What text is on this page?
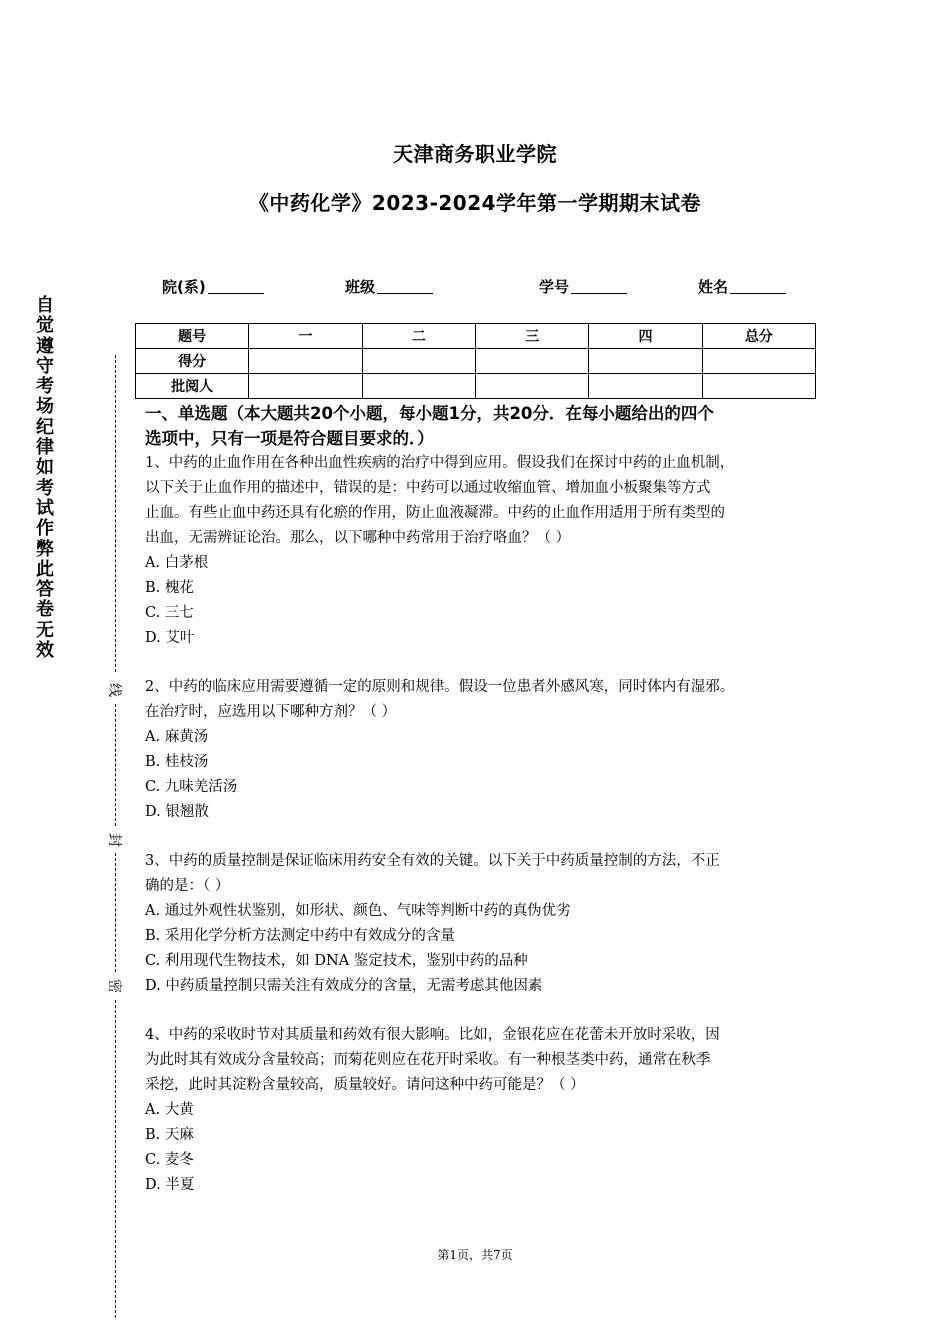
天津商务职业学院
《中药化学》2023-2024学年第一学期期末试卷
院(系)	班级	学号	姓名
题号	一	二	三	四	总分
得分					
批阅人					
自觉遵守考场纪律如考试作弊此答卷无效
线
封
密
一、单选题（本大题共20个小题，每小题1分，共20分．在每小题给出的四个
选项中，只有一项是符合题目要求的．）

1、中药的止血作用在各种出血性疾病的治疗中得到应用。假设我们在探讨中药的止血机制，

以下关于止血作用的描述中，错误的是：中药可以通过收缩血管、增加血小板聚集等方式

止血。有些止血中药还具有化瘀的作用，防止血液凝滞。中药的止血作用适用于所有类型的

出血，无需辨证论治。那么，以下哪种中药常用于治疗咯血？（ ）

A. 白茅根

B. 槐花

C. 三七

D. 艾叶

2、中药的临床应用需要遵循一定的原则和规律。假设一位患者外感风寒，同时体内有湿邪。

在治疗时，应选用以下哪种方剂？（ ）

A. 麻黄汤

B. 桂枝汤

C. 九味羌活汤

D. 银翘散

3、中药的质量控制是保证临床用药安全有效的关键。以下关于中药质量控制的方法，不正

确的是：（ ）

A. 通过外观性状鉴别，如形状、颜色、气味等判断中药的真伪优劣

B. 采用化学分析方法测定中药中有效成分的含量

C. 利用现代生物技术，如 DNA 鉴定技术，鉴别中药的品种

D. 中药质量控制只需关注有效成分的含量，无需考虑其他因素

4、中药的采收时节对其质量和药效有很大影响。比如，金银花应在花蕾未开放时采收，因

为此时其有效成分含量较高；而菊花则应在花开时采收。有一种根茎类中药，通常在秋季

采挖，此时其淀粉含量较高，质量较好。请问这种中药可能是？（ ）

A. 大黄

B. 天麻

C. 麦冬

D. 半夏

第1页，共7页
